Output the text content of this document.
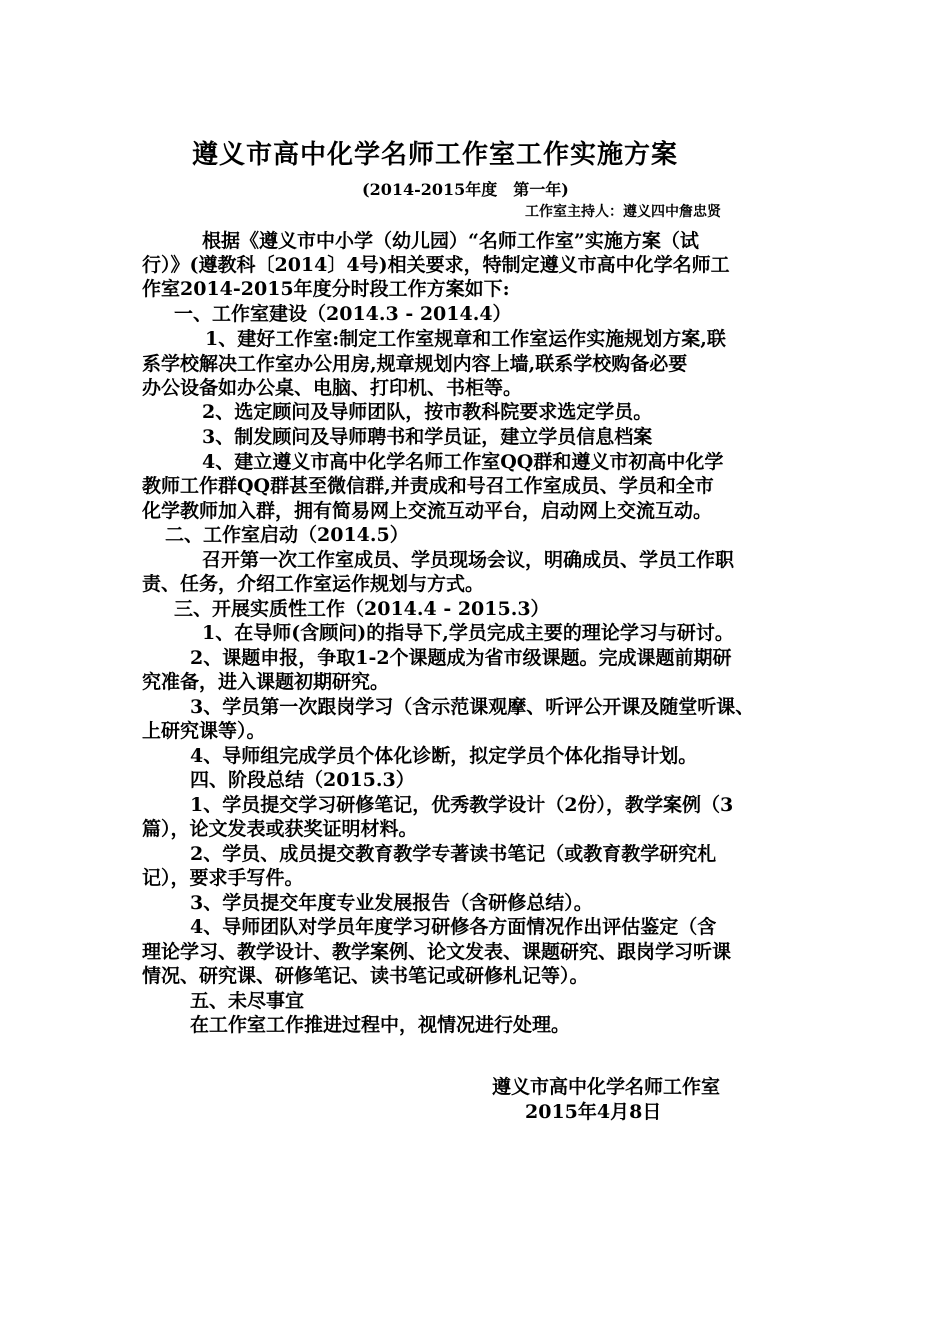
遵义市高中化学名师工作室工作实施方案
(2014-2015年度　第一年)
工作室主持人：遵义四中詹忠贤
根据《遵义市中小学（幼儿园）“名师工作室”实施方案（试
行）》(遵教科〔2014〕4号)相关要求，特制定遵义市高中化学名师工
作室2014-2015年度分时段工作方案如下:
一、工作室建设（2014.3 - 2014.4）
1、建好工作室:制定工作室规章和工作室运作实施规划方案,联
系学校解决工作室办公用房,规章规划内容上墙,联系学校购备必要
办公设备如办公桌、电脑、打印机、书柜等。
2、选定顾问及导师团队，按市教科院要求选定学员。
3、制发顾问及导师聘书和学员证，建立学员信息档案
4、建立遵义市高中化学名师工作室QQ群和遵义市初高中化学
教师工作群QQ群甚至微信群,并责成和号召工作室成员、学员和全市
化学教师加入群，拥有简易网上交流互动平台，启动网上交流互动。
二、工作室启动（2014.5）
召开第一次工作室成员、学员现场会议，明确成员、学员工作职
责、任务，介绍工作室运作规划与方式。
三、开展实质性工作（2014.4 - 2015.3）
1、在导师(含顾问)的指导下,学员完成主要的理论学习与研讨。
2、课题申报，争取1-2个课题成为省市级课题。完成课题前期研
究准备，进入课题初期研究。
3、学员第一次跟岗学习（含示范课观摩、听评公开课及随堂听课、
上研究课等）。
4、导师组完成学员个体化诊断，拟定学员个体化指导计划。
四、阶段总结（2015.3）
1、学员提交学习研修笔记，优秀教学设计（2份），教学案例（3
篇），论文发表或获奖证明材料。
2、学员、成员提交教育教学专著读书笔记（或教育教学研究札
记），要求手写件。
3、学员提交年度专业发展报告（含研修总结）。
4、导师团队对学员年度学习研修各方面情况作出评估鉴定（含
理论学习、教学设计、教学案例、论文发表、课题研究、跟岗学习听课
情况、研究课、研修笔记、读书笔记或研修札记等）。
五、未尽事宜
在工作室工作推进过程中，视情况进行处理。
遵义市高中化学名师工作室
2015年4月8日
